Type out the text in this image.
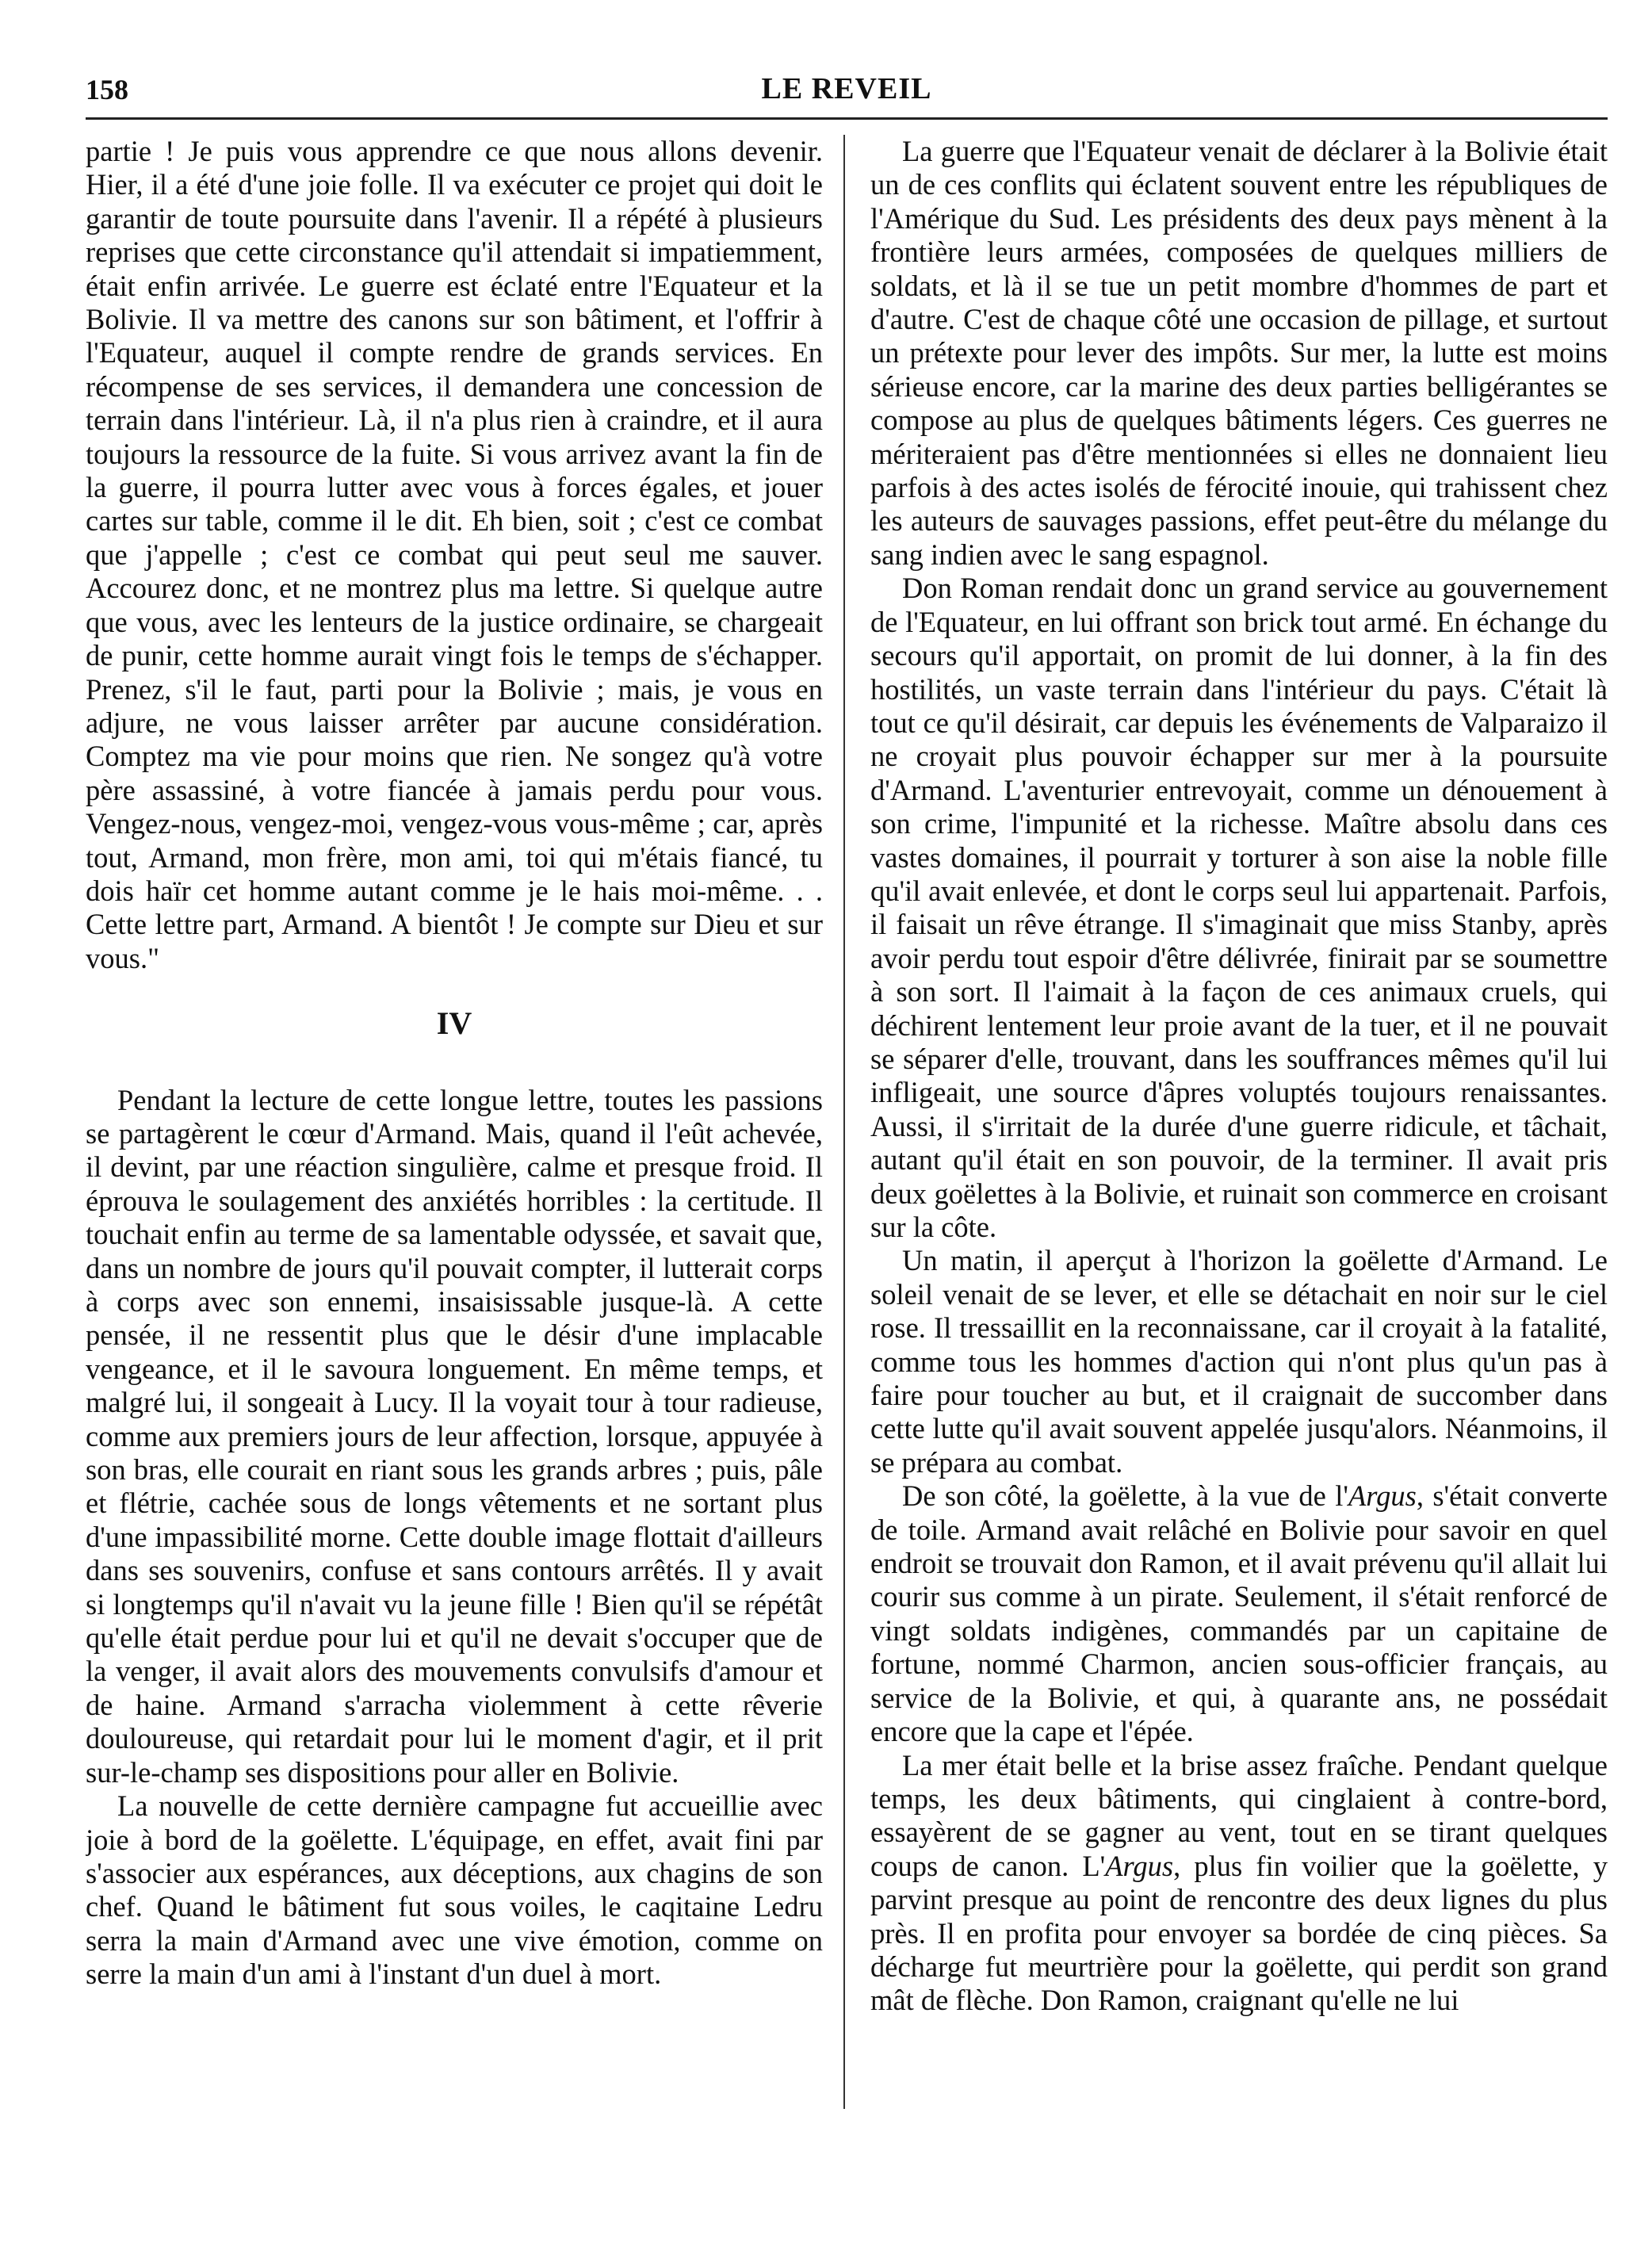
158	LE REVEIL

partie ! Je puis vous apprendre ce que nous allons devenir. Hier, il a été d'une joie folle. Il va exécuter ce projet qui doit le garantir de toute poursuite dans l'avenir. Il a répété à plusieurs reprises que cette circonstance qu'il attendait si impatiemment, était enfin arrivée. Le guerre est éclaté entre l'Equateur et la Bolivie. Il va mettre des canons sur son bâtiment, et l'offrir à l'Equateur, auquel il compte rendre de grands services. En récompense de ses services, il demandera une concession de terrain dans l'intérieur. Là, il n'a plus rien à craindre, et il aura toujours la ressource de la fuite. Si vous arrivez avant la fin de la guerre, il pourra lutter avec vous à forces égales, et jouer cartes sur table, comme il le dit. Eh bien, soit ; c'est ce combat que j'appelle ; c'est ce combat qui peut seul me sauver. Accourez donc, et ne montrez plus ma lettre. Si quelque autre que vous, avec les lenteurs de la justice ordinaire, se chargeait de punir, cette homme aurait vingt fois le temps de s'échapper. Prenez, s'il le faut, parti pour la Bolivie ; mais, je vous en adjure, ne vous laisser arrêter par aucune considération. Comptez ma vie pour moins que rien. Ne songez qu'à votre père assassiné, à votre fiancée à jamais perdu pour vous. Vengez-nous, vengez-moi, vengez-vous vous-même ; car, après tout, Armand, mon frère, mon ami, toi qui m'étais fiancé, tu dois haïr cet homme autant comme je le hais moi-même. . . Cette lettre part, Armand. A bientôt ! Je compte sur Dieu et sur vous."

IV

Pendant la lecture de cette longue lettre, toutes les passions se partagèrent le cœur d'Armand. Mais, quand il l'eût achevée, il devint, par une réaction singulière, calme et presque froid. Il éprouva le soulagement des anxiétés horribles : la certitude. Il touchait enfin au terme de sa lamentable odyssée, et savait que, dans un nombre de jours qu'il pouvait compter, il lutterait corps à corps avec son ennemi, insaisissable jusque-là. A cette pensée, il ne ressentit plus que le désir d'une implacable vengeance, et il le savoura longuement. En même temps, et malgré lui, il songeait à Lucy. Il la voyait tour à tour radieuse, comme aux premiers jours de leur affection, lorsque, appuyée à son bras, elle courait en riant sous les grands arbres ; puis, pâle et flétrie, cachée sous de longs vêtements et ne sortant plus d'une impassibilité morne. Cette double image flottait d'ailleurs dans ses souvenirs, confuse et sans contours arrêtés. Il y avait si longtemps qu'il n'avait vu la jeune fille ! Bien qu'il se répétât qu'elle était perdue pour lui et qu'il ne devait s'occuper que de la venger, il avait alors des mouvements convulsifs d'amour et de haine. Armand s'arracha violemment à cette rêverie douloureuse, qui retardait pour lui le moment d'agir, et il prit sur-le-champ ses dispositions pour aller en Bolivie.

La nouvelle de cette dernière campagne fut accueillie avec joie à bord de la goëlette. L'équipage, en effet, avait fini par s'associer aux espérances, aux déceptions, aux chagins de son chef. Quand le bâtiment fut sous voiles, le caqitaine Ledru serra la main d'Armand avec une vive émotion, comme on serre la main d'un ami à l'instant d'un duel à mort.

La guerre que l'Equateur venait de déclarer à la Bolivie était un de ces conflits qui éclatent souvent entre les républiques de l'Amérique du Sud. Les présidents des deux pays mènent à la frontière leurs armées, composées de quelques milliers de soldats, et là il se tue un petit mombre d'hommes de part et d'autre. C'est de chaque côté une occasion de pillage, et surtout un prétexte pour lever des impôts. Sur mer, la lutte est moins sérieuse encore, car la marine des deux parties belligérantes se compose au plus de quelques bâtiments légers. Ces guerres ne mériteraient pas d'être mentionnées si elles ne donnaient lieu parfois à des actes isolés de férocité inouie, qui trahissent chez les auteurs de sauvages passions, effet peut-être du mélange du sang indien avec le sang espagnol.

Don Roman rendait donc un grand service au gouvernement de l'Equateur, en lui offrant son brick tout armé. En échange du secours qu'il apportait, on promit de lui donner, à la fin des hostilités, un vaste terrain dans l'intérieur du pays. C'était là tout ce qu'il désirait, car depuis les événements de Valparaizo il ne croyait plus pouvoir échapper sur mer à la poursuite d'Armand. L'aventurier entrevoyait, comme un dénouement à son crime, l'impunité et la richesse. Maître absolu dans ces vastes domaines, il pourrait y torturer à son aise la noble fille qu'il avait enlevée, et dont le corps seul lui appartenait. Parfois, il faisait un rêve étrange. Il s'imaginait que miss Stanby, après avoir perdu tout espoir d'être délivrée, finirait par se soumettre à son sort. Il l'aimait à la façon de ces animaux cruels, qui déchirent lentement leur proie avant de la tuer, et il ne pouvait se séparer d'elle, trouvant, dans les souffrances mêmes qu'il lui infligeait, une source d'âpres voluptés toujours renaissantes. Aussi, il s'irritait de la durée d'une guerre ridicule, et tâchait, autant qu'il était en son pouvoir, de la terminer. Il avait pris deux goëlettes à la Bolivie, et ruinait son commerce en croisant sur la côte.

Un matin, il aperçut à l'horizon la goëlette d'Armand. Le soleil venait de se lever, et elle se détachait en noir sur le ciel rose. Il tressaillit en la reconnaissane, car il croyait à la fatalité, comme tous les hommes d'action qui n'ont plus qu'un pas à faire pour toucher au but, et il craignait de succomber dans cette lutte qu'il avait souvent appelée jusqu'alors. Néanmoins, il se prépara au combat.

De son côté, la goëlette, à la vue de l'Argus, s'était converte de toile. Armand avait relâché en Bolivie pour savoir en quel endroit se trouvait don Ramon, et il avait prévenu qu'il allait lui courir sus comme à un pirate. Seulement, il s'était renforcé de vingt soldats indigènes, commandés par un capitaine de fortune, nommé Charmon, ancien sous-officier français, au service de la Bolivie, et qui, à quarante ans, ne possédait encore que la cape et l'épée.

La mer était belle et la brise assez fraîche. Pendant quelque temps, les deux bâtiments, qui cinglaient à contre-bord, essayèrent de se gagner au vent, tout en se tirant quelques coups de canon. L'Argus, plus fin voilier que la goëlette, y parvint presque au point de rencontre des deux lignes du plus près. Il en profita pour envoyer sa bordée de cinq pièces. Sa décharge fut meurtrière pour la goëlette, qui perdit son grand mât de flèche. Don Ramon, craignant qu'elle ne lui
